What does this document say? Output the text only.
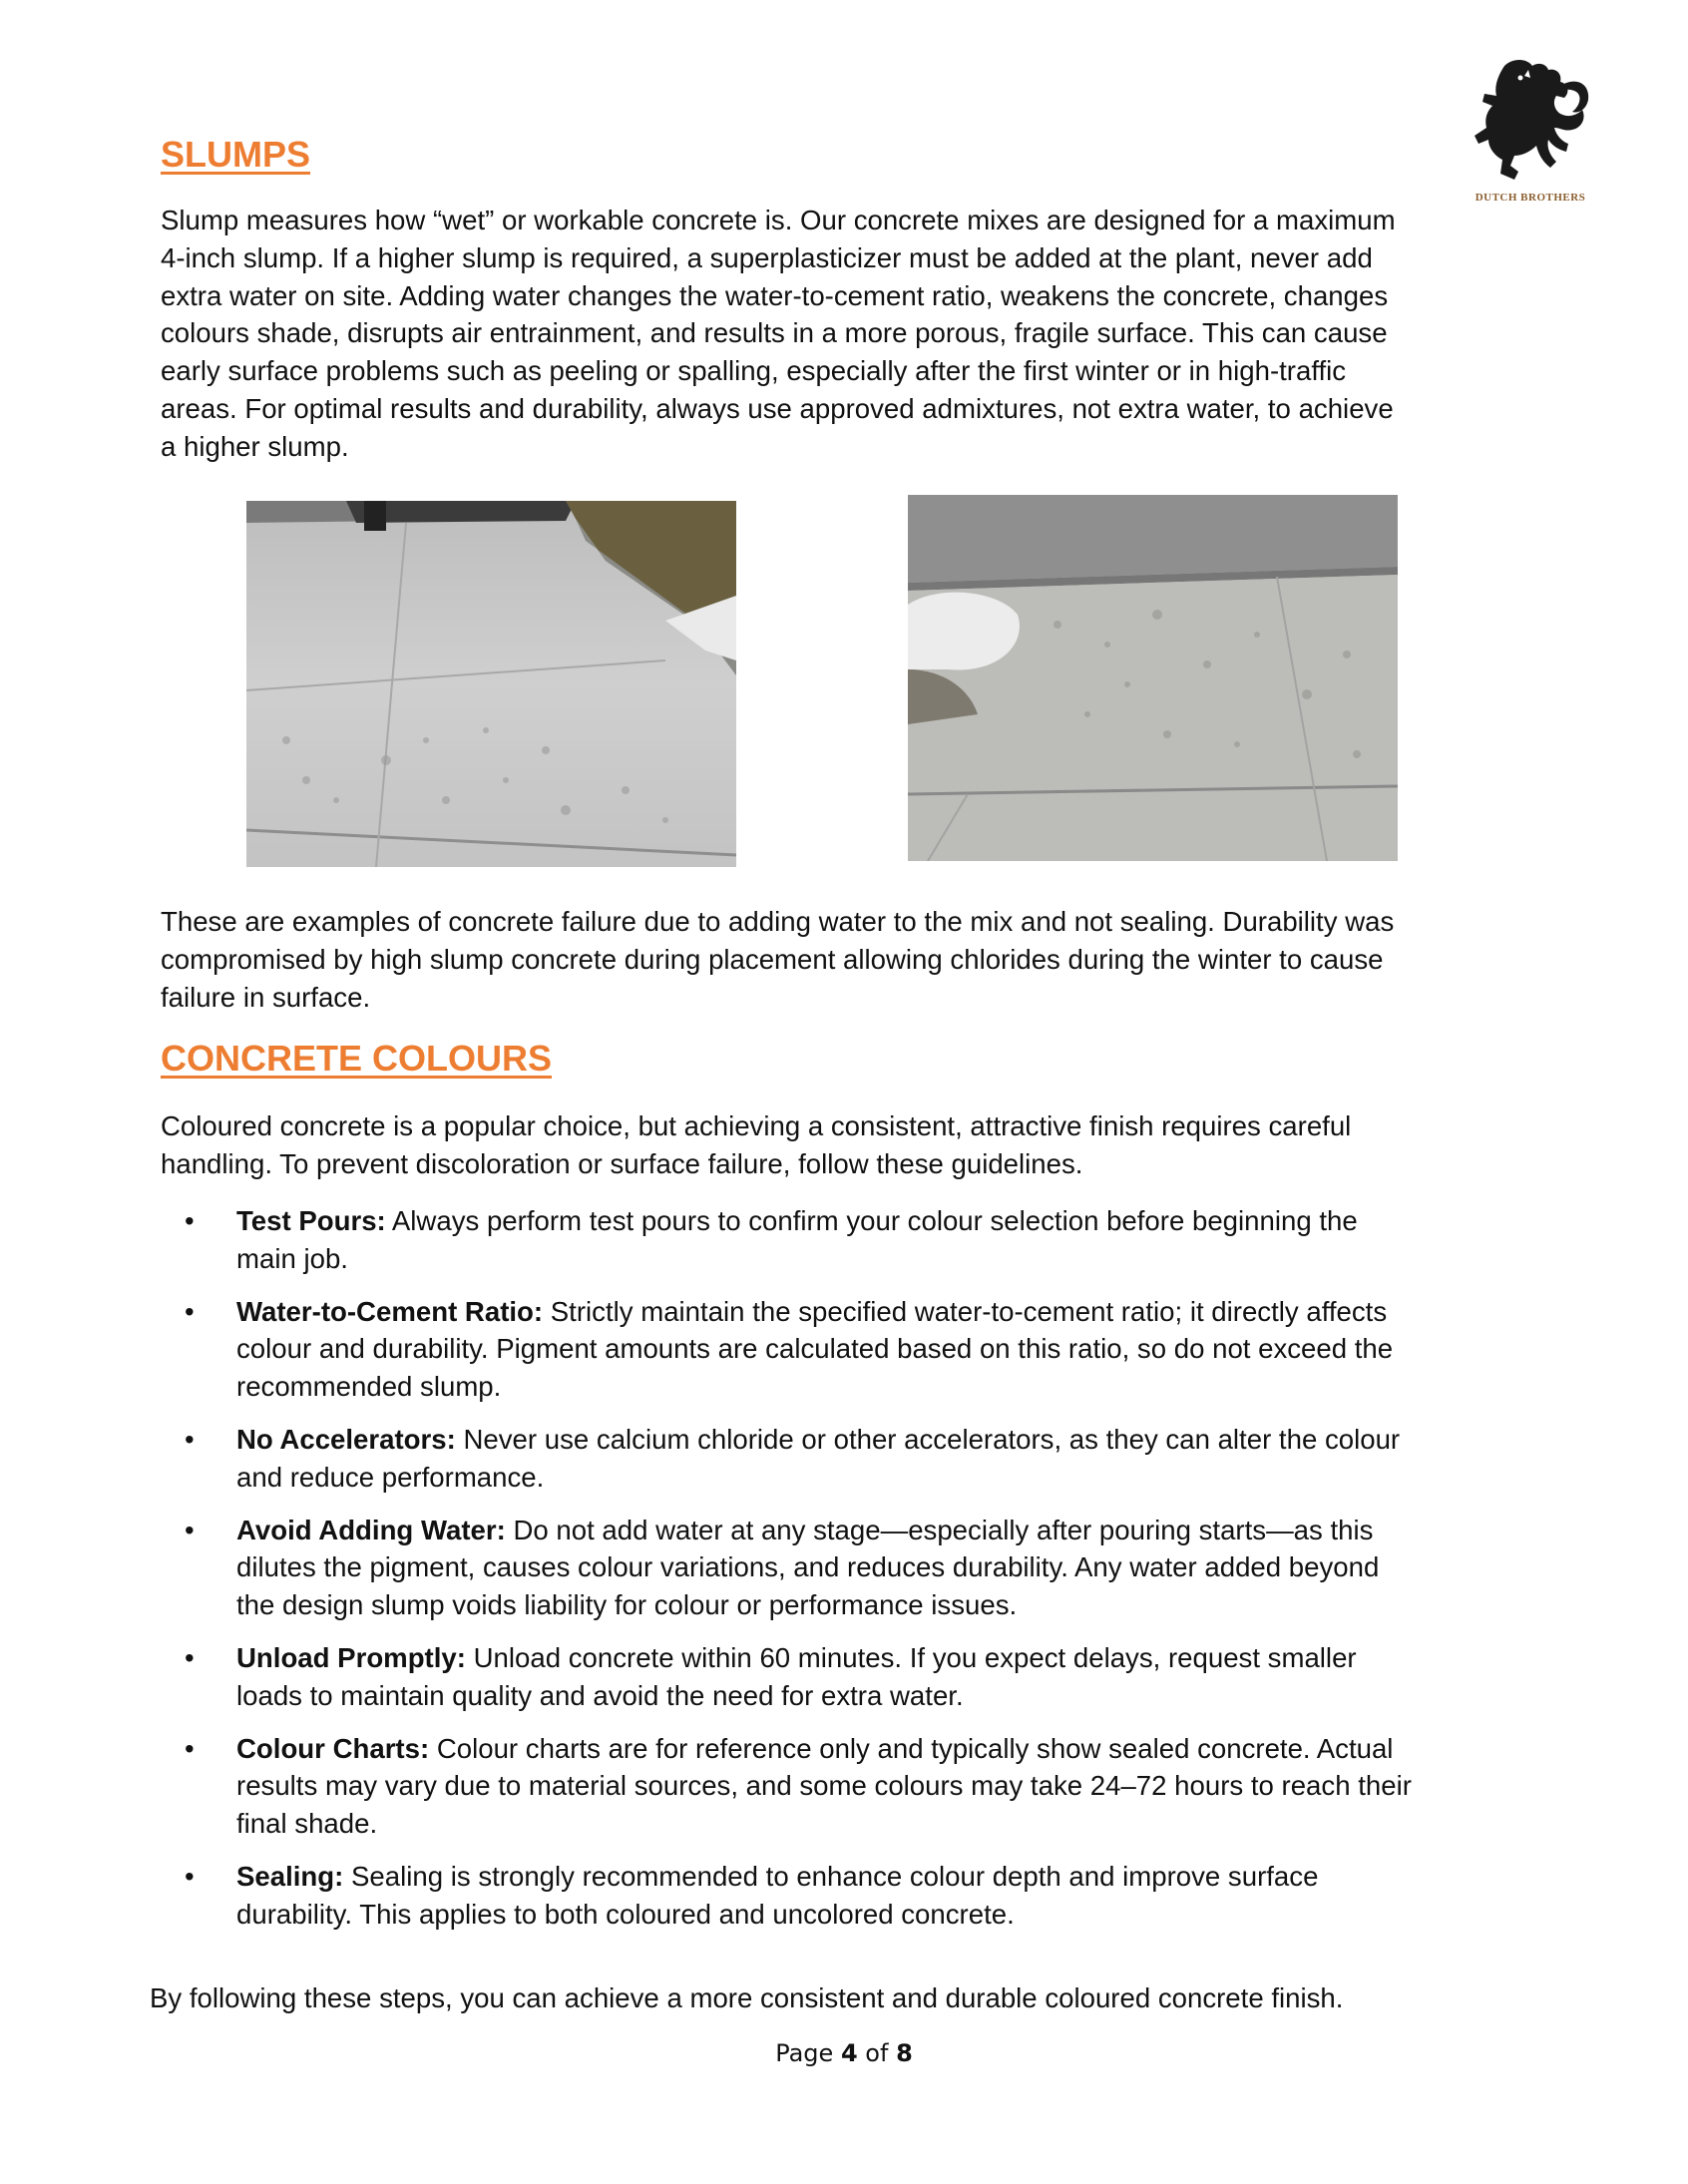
DUTCH BROTHERS
SLUMPS

Slump measures how “wet” or workable concrete is. Our concrete mixes are designed for a maximum

4-inch slump. If a higher slump is required, a superplasticizer must be added at the plant, never add

extra water on site. Adding water changes the water-to-cement ratio, weakens the concrete, changes

colours shade, disrupts air entrainment, and results in a more porous, fragile surface. This can cause

early surface problems such as peeling or spalling, especially after the first winter or in high-traffic

areas. For optimal results and durability, always use approved admixtures, not extra water, to achieve

a higher slump.

These are examples of concrete failure due to adding water to the mix and not sealing. Durability was

compromised by high slump concrete during placement allowing chlorides during the winter to cause

failure in surface.

CONCRETE COLOURS

Coloured concrete is a popular choice, but achieving a consistent, attractive finish requires careful

handling. To prevent discoloration or surface failure, follow these guidelines.

• Test Pours: Always perform test pours to confirm your colour selection before beginning the
main job.
• Water-to-Cement Ratio: Strictly maintain the specified water-to-cement ratio; it directly affects
colour and durability. Pigment amounts are calculated based on this ratio, so do not exceed the
recommended slump.
• No Accelerators: Never use calcium chloride or other accelerators, as they can alter the colour
and reduce performance.
• Avoid Adding Water: Do not add water at any stage—especially after pouring starts—as this
dilutes the pigment, causes colour variations, and reduces durability. Any water added beyond
the design slump voids liability for colour or performance issues.
• Unload Promptly: Unload concrete within 60 minutes. If you expect delays, request smaller
loads to maintain quality and avoid the need for extra water.
• Colour Charts: Colour charts are for reference only and typically show sealed concrete. Actual
results may vary due to material sources, and some colours may take 24–72 hours to reach their
final shade.
• Sealing: Sealing is strongly recommended to enhance colour depth and improve surface
durability. This applies to both coloured and uncolored concrete.
By following these steps, you can achieve a more consistent and durable coloured concrete finish.
Page 4 of 8
